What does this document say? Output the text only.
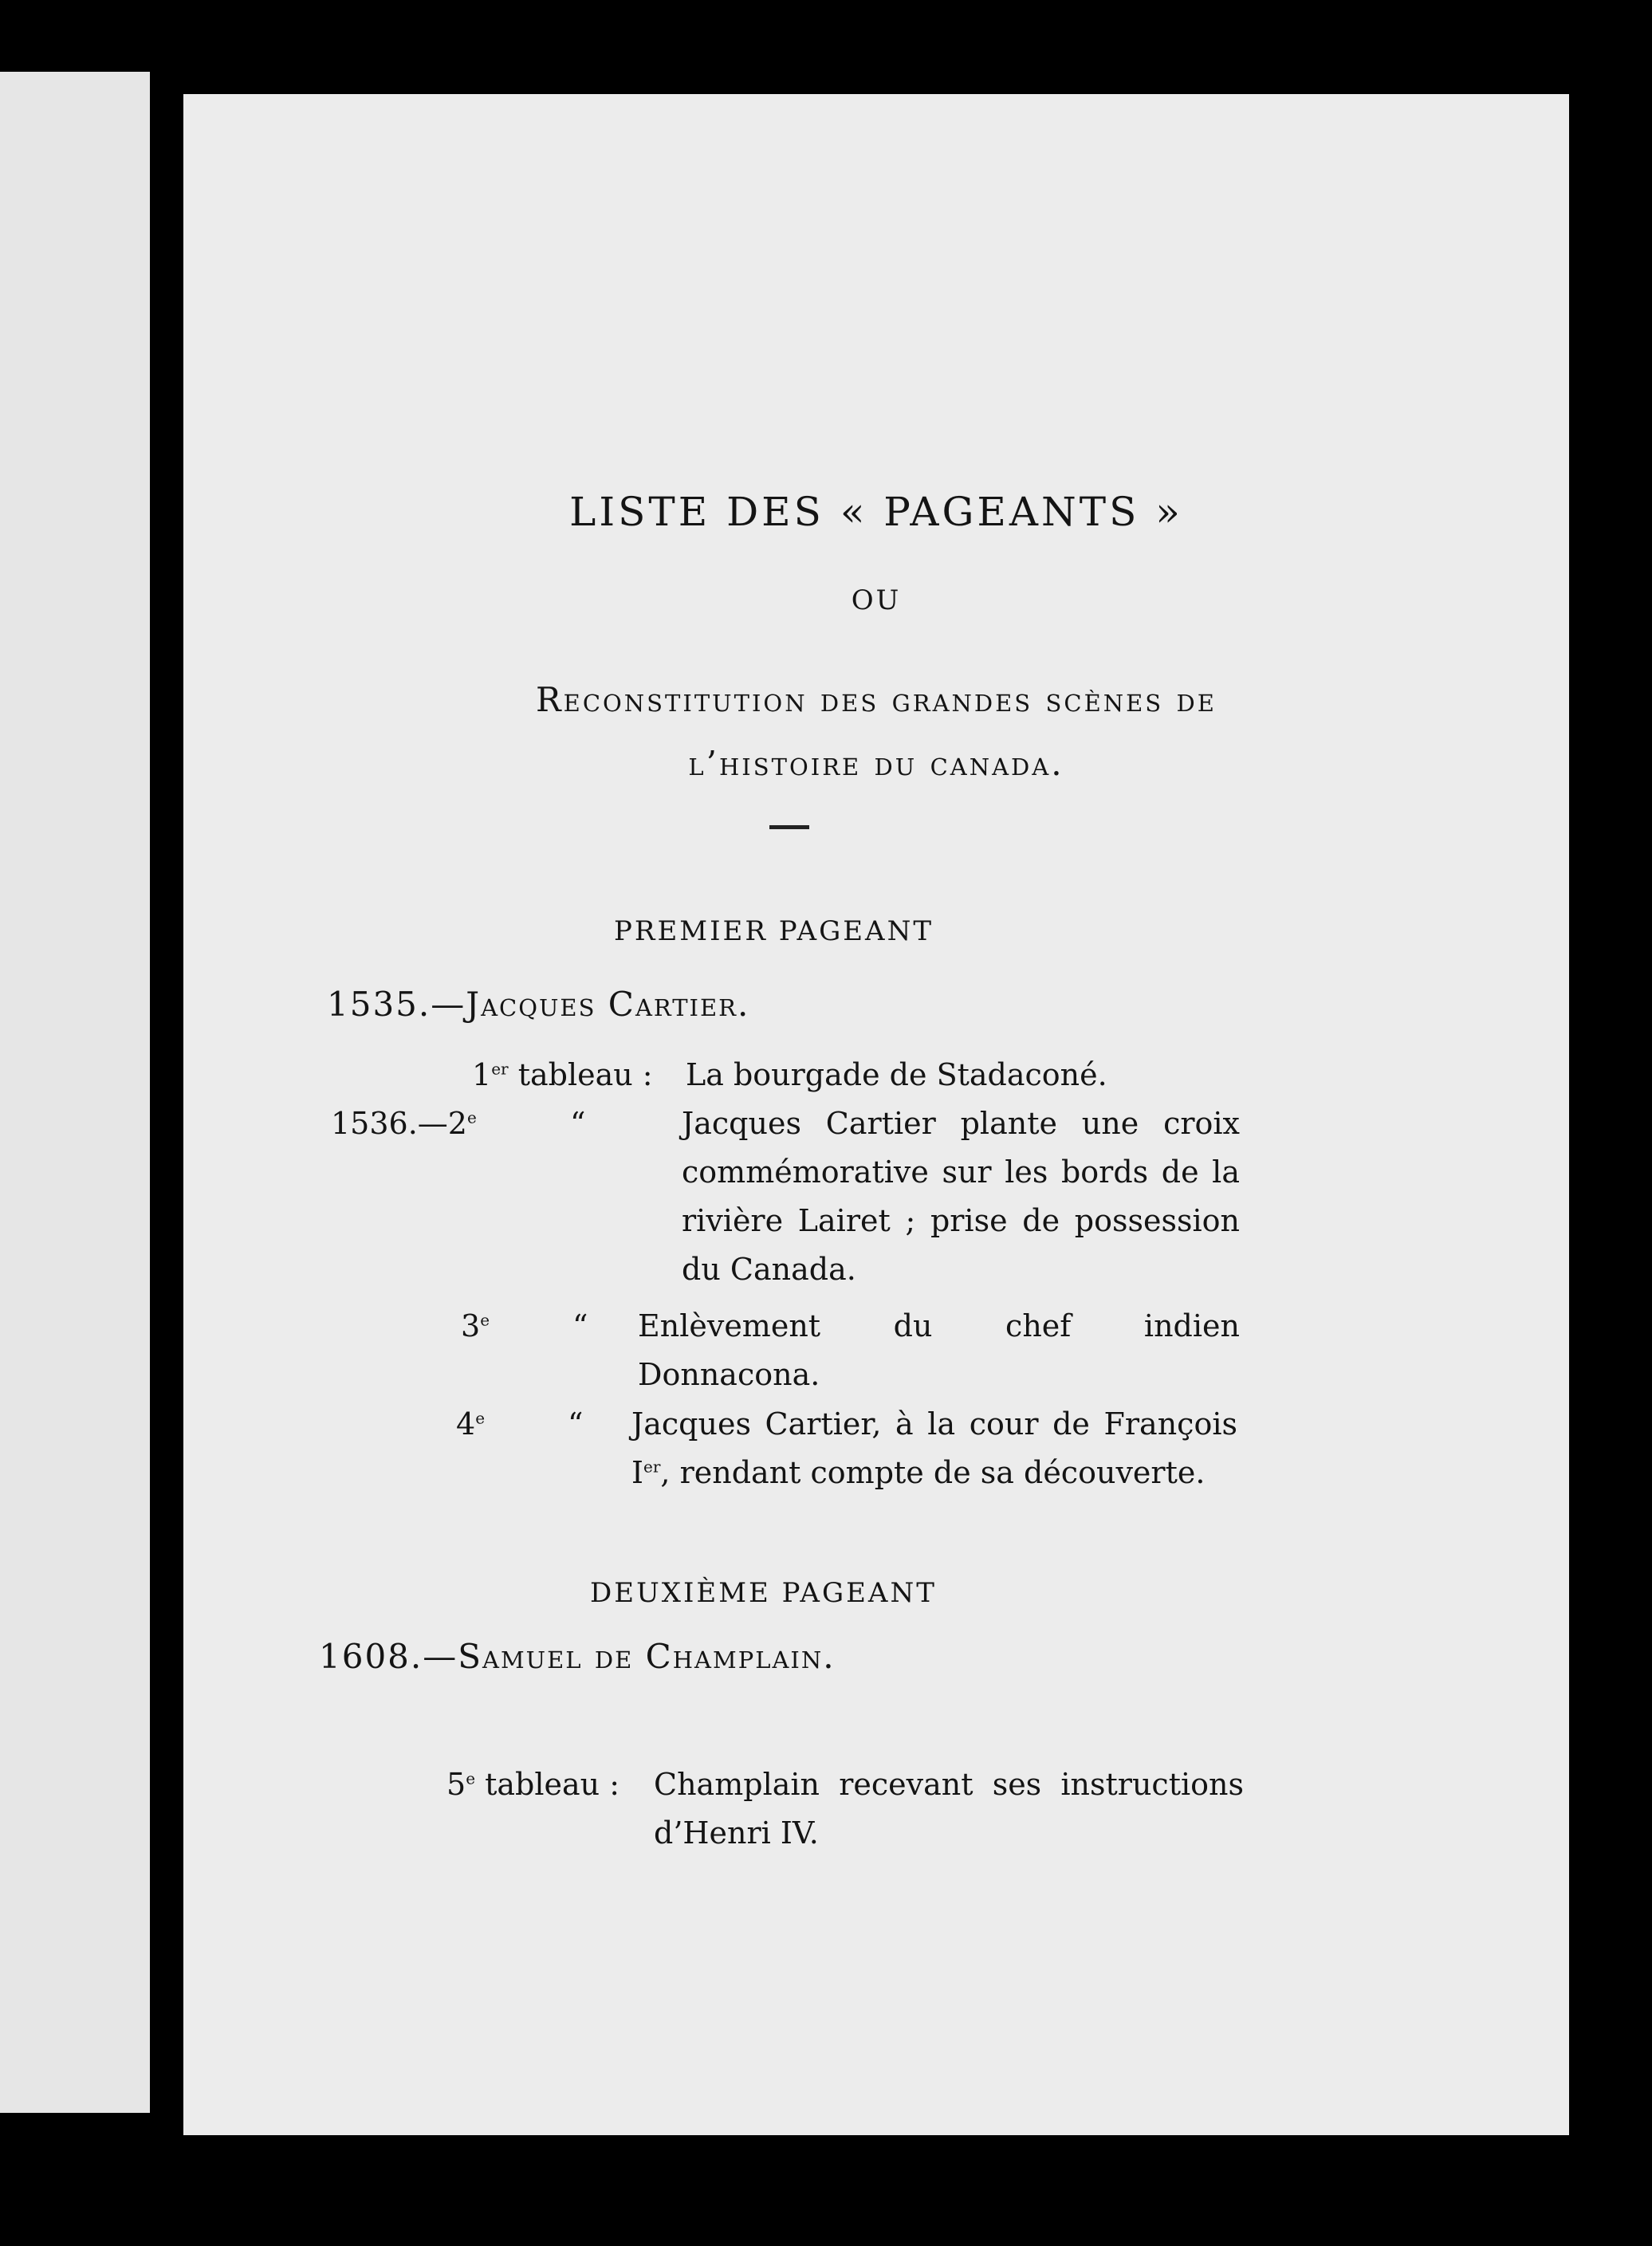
LISTE DES « PAGEANTS »

OU

Reconstitution des grandes scènes de
l’histoire du canada.

PREMIER PAGEANT

1535.—Jacques Cartier.

1er tableau : La bourgade de Stadaconé.
1536.—2e	“	Jacques Cartier plante une croix commémorative sur les bords de la rivière Lairet ; prise de possession du Canada.
3e	“ Enlèvement du chef indien Donnacona.
4e	“ Jacques Cartier, à la cour de François Ier, rendant compte de sa découverte.

DEUXIÈME PAGEANT

1608.—Samuel de Champlain.

5e tableau : Champlain recevant ses instructions d’Henri IV.
